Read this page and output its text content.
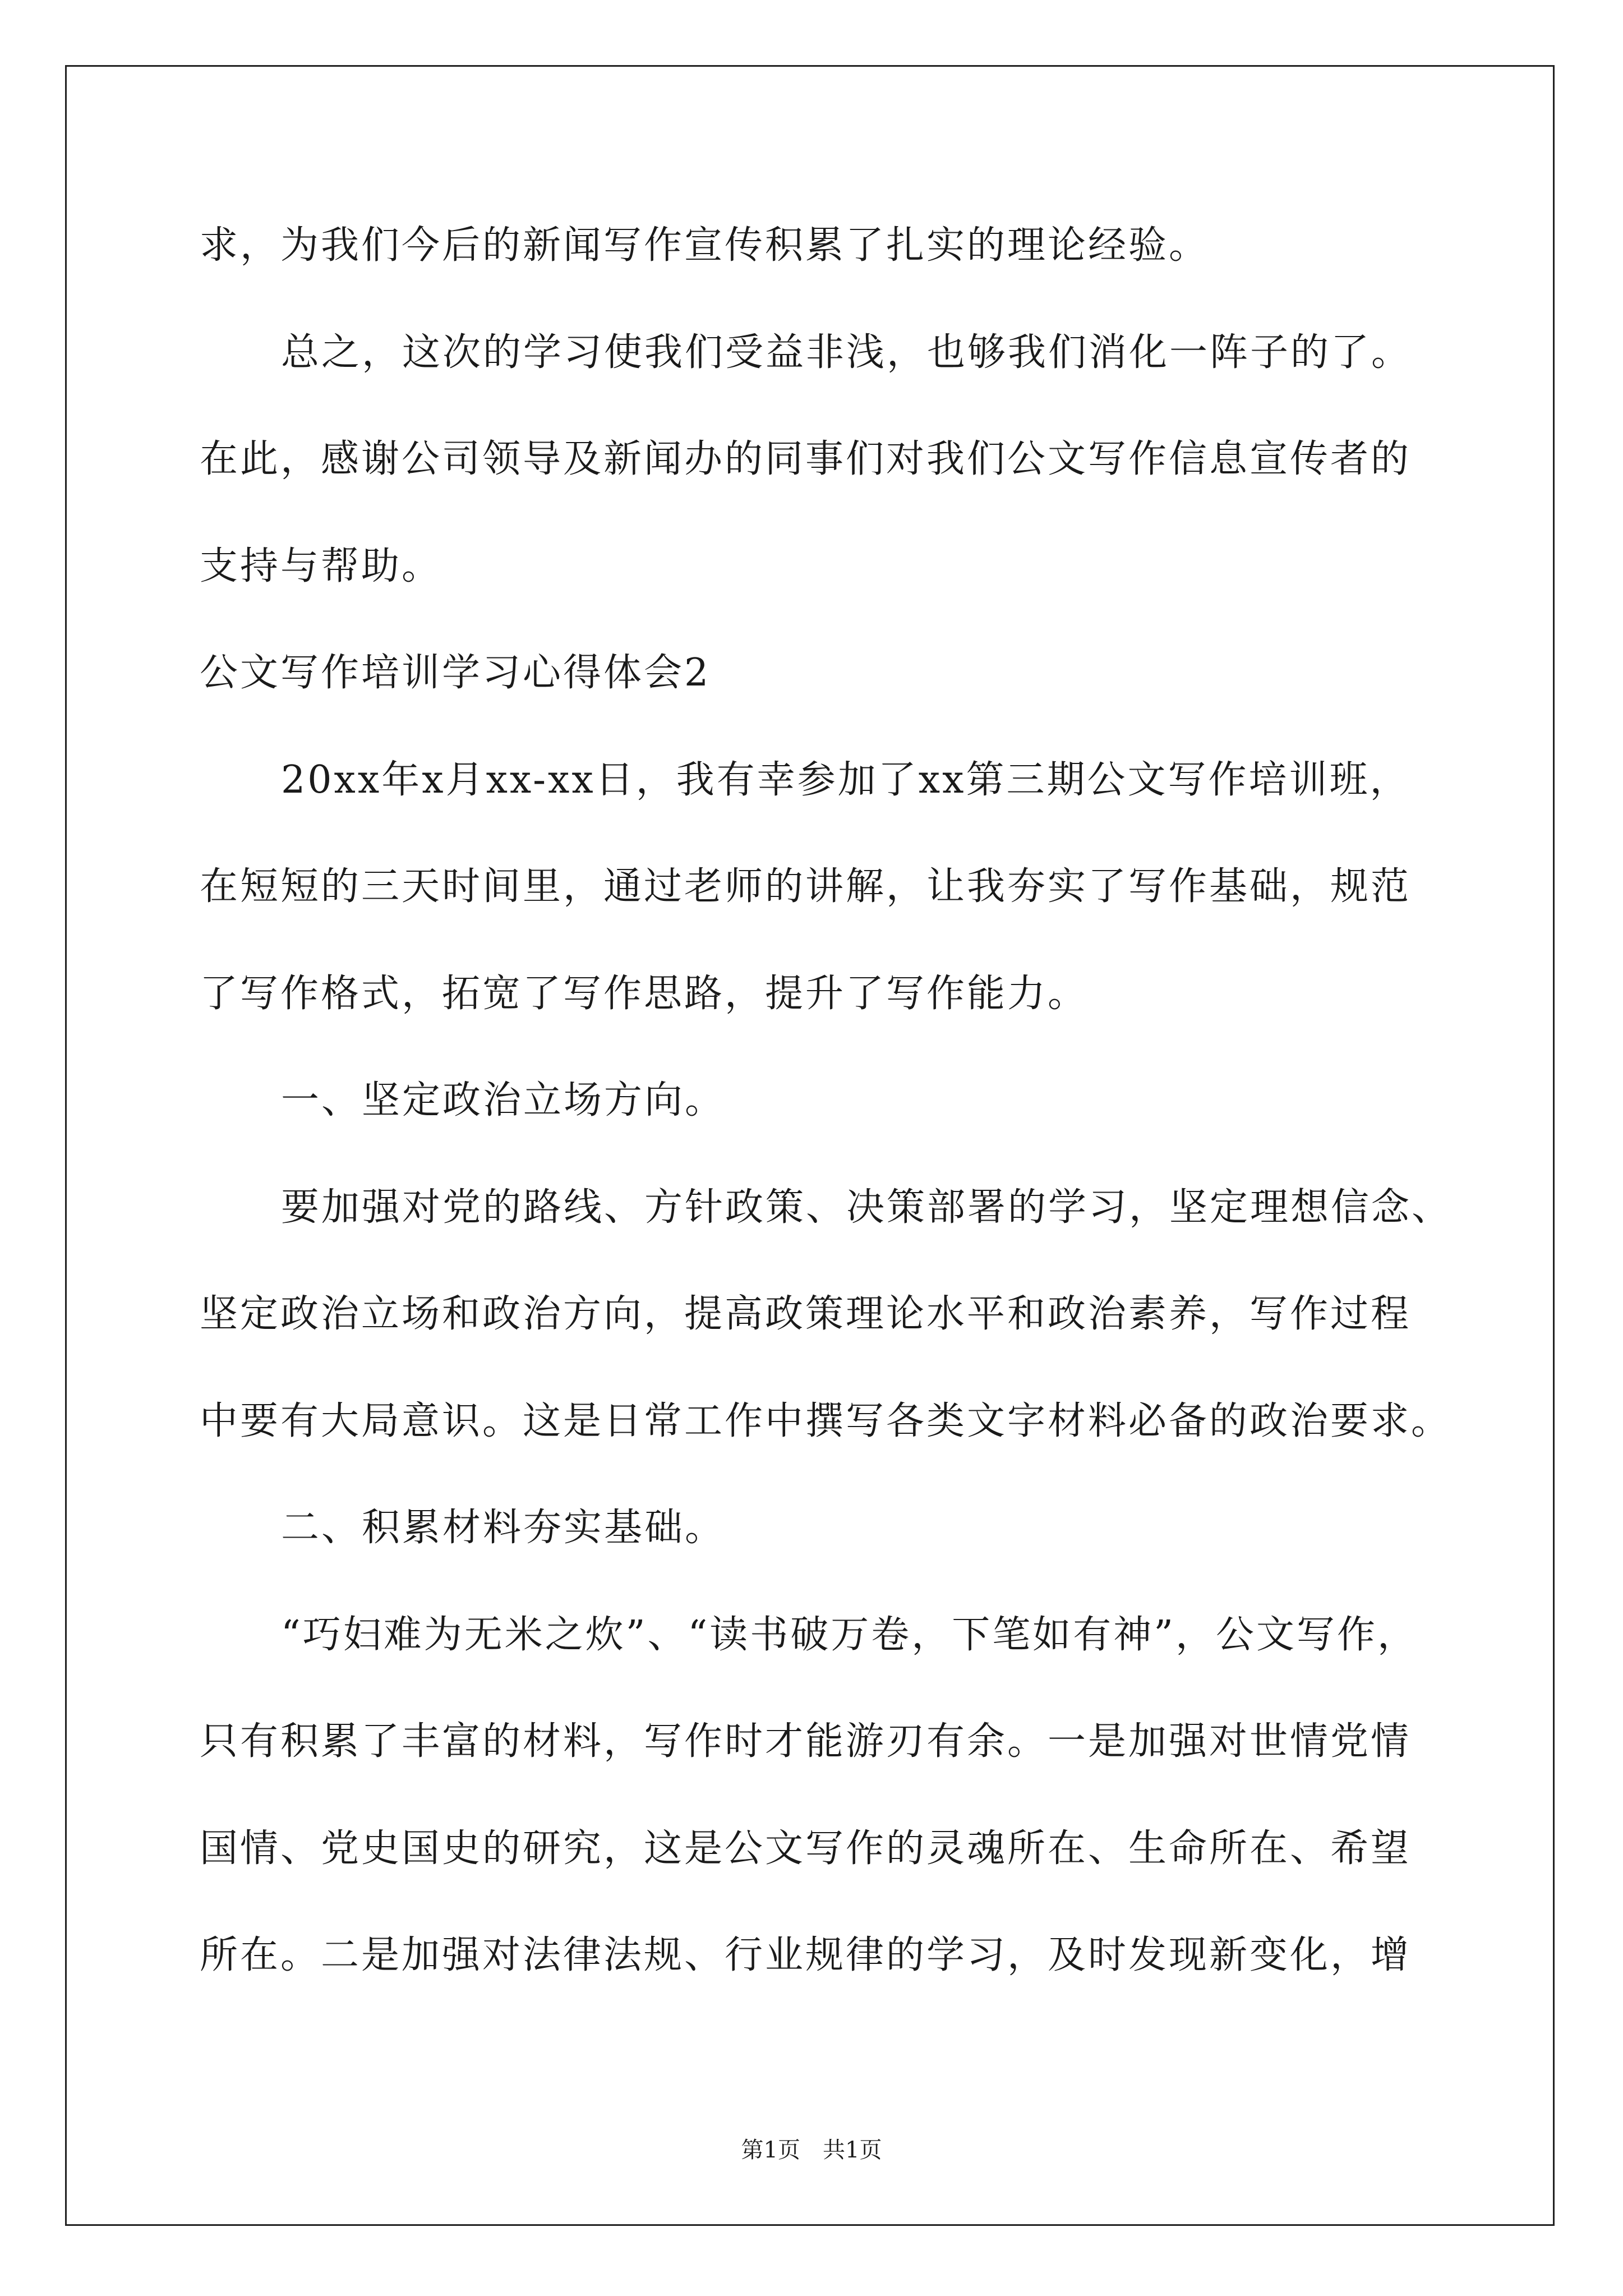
求，为我们今后的新闻写作宣传积累了扎实的理论经验。
总之，这次的学习使我们受益非浅，也够我们消化一阵子的了。
在此，感谢公司领导及新闻办的同事们对我们公文写作信息宣传者的
支持与帮助。
公文写作培训学习心得体会2
20xx年x月xx-xx日，我有幸参加了xx第三期公文写作培训班，
在短短的三天时间里，通过老师的讲解，让我夯实了写作基础，规范
了写作格式，拓宽了写作思路，提升了写作能力。
一、坚定政治立场方向。
要加强对党的路线、方针政策、决策部署的学习，坚定理想信念、
坚定政治立场和政治方向，提高政策理论水平和政治素养，写作过程
中要有大局意识。这是日常工作中撰写各类文字材料必备的政治要求。
二、积累材料夯实基础。
“巧妇难为无米之炊”、“读书破万卷，下笔如有神”，公文写作，
只有积累了丰富的材料，写作时才能游刃有余。一是加强对世情党情
国情、党史国史的研究，这是公文写作的灵魂所在、生命所在、希望
所在。二是加强对法律法规、行业规律的学习，及时发现新变化，增
第1页　共1页
